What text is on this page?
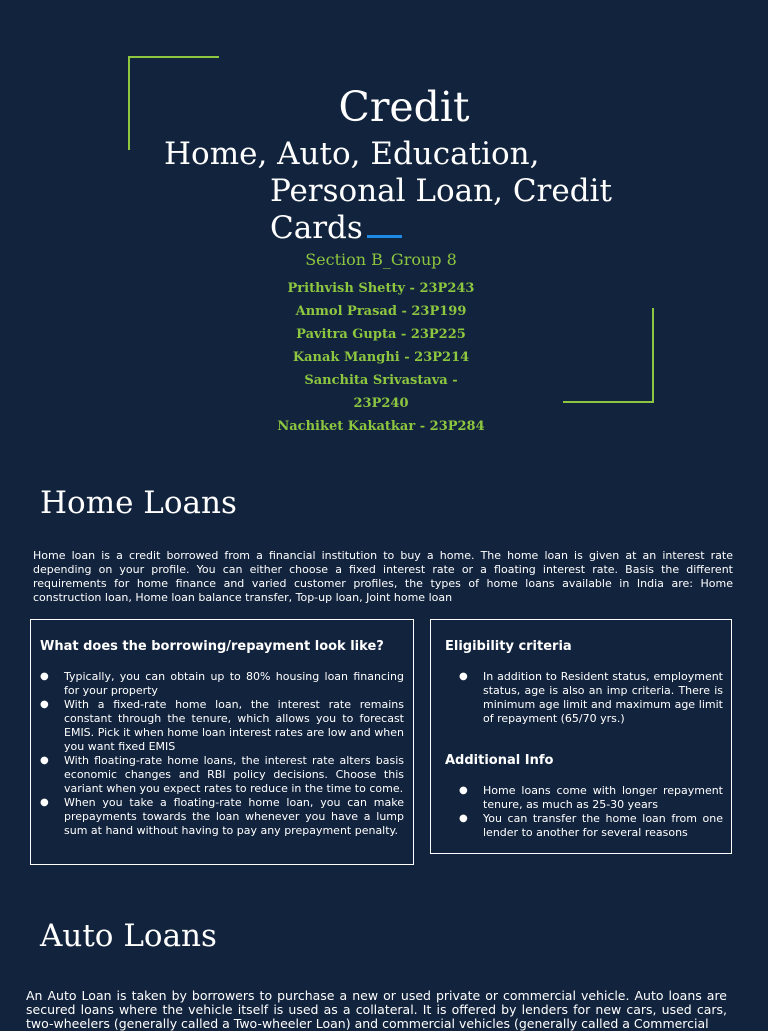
Credit
Home, Auto, Education,
Personal Loan, Credit
Cards
Section B_Group 8
Prithvish Shetty - 23P243
Anmol Prasad - 23P199
Pavitra Gupta - 23P225
Kanak Manghi - 23P214
Sanchita Srivastava -
23P240
Nachiket Kakatkar - 23P284
Home Loans
Home loan is a credit borrowed from a financial institution to buy a home. The home loan is given at an interest rate depending on your profile. You can either choose a fixed interest rate or a floating interest rate. Basis the different requirements for home finance and varied customer profiles, the types of home loans available in India are: Home construction loan, Home loan balance transfer, Top-up loan, Joint home loan
What does the borrowing/repayment look like?
● Typically, you can obtain up to 80% housing loan financing for your property
● With a fixed-rate home loan, the interest rate remains constant through the tenure, which allows you to forecast EMIS. Pick it when home loan interest rates are low and when you want fixed EMIS
● With floating-rate home loans, the interest rate alters basis economic changes and RBI policy decisions. Choose this variant when you expect rates to reduce in the time to come.
● When you take a floating-rate home loan, you can make prepayments towards the loan whenever you have a lump sum at hand without having to pay any prepayment penalty.
Eligibility criteria
● In addition to Resident status, employment status, age is also an imp criteria. There is minimum age limit and maximum age limit of repayment (65/70 yrs.)
Additional Info
● Home loans come with longer repayment tenure, as much as 25-30 years
● You can transfer the home loan from one lender to another for several reasons
Auto Loans
An Auto Loan is taken by borrowers to purchase a new or used private or commercial vehicle. Auto loans are secured loans where the vehicle itself is used as a collateral. It is offered by lenders for new cars, used cars, two-wheelers (generally called a Two-wheeler Loan) and commercial vehicles (generally called a Commercial
